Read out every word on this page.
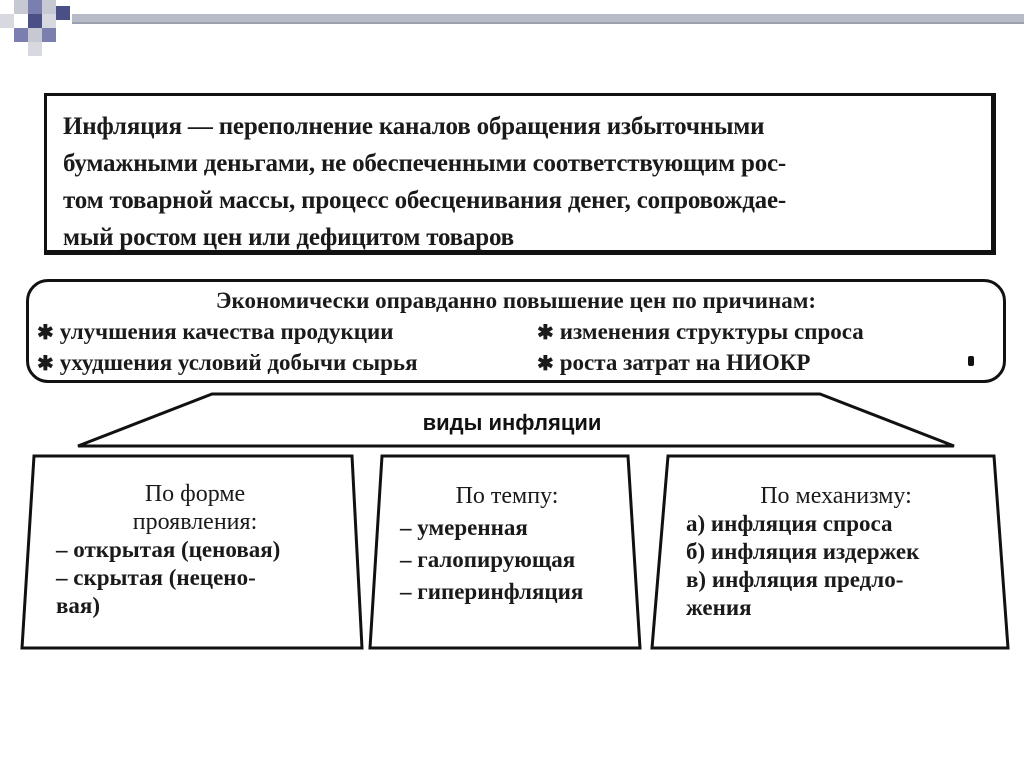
Инфляция — переполнение каналов обращения избыточными
бумажными деньгами, не обеспеченными соответствующим рос-
том товарной массы, процесс обесценивания денег, сопровождае-
мый ростом цен или дефицитом товаров
Экономически оправданно повышение цен по причинам:
✱ улучшения качества продукции
✱ ухудшения условий добычи сырья
✱ изменения структуры спроса
✱ роста затрат на НИОКР
виды инфляции
По форме
проявления:
– открытая (ценовая)
– скрытая (нецено-
вая)
По темпу:
– умеренная
– галопирующая
– гиперинфляция
По механизму:
а) инфляция спроса
б) инфляция издержек
в) инфляция предло-
жения
